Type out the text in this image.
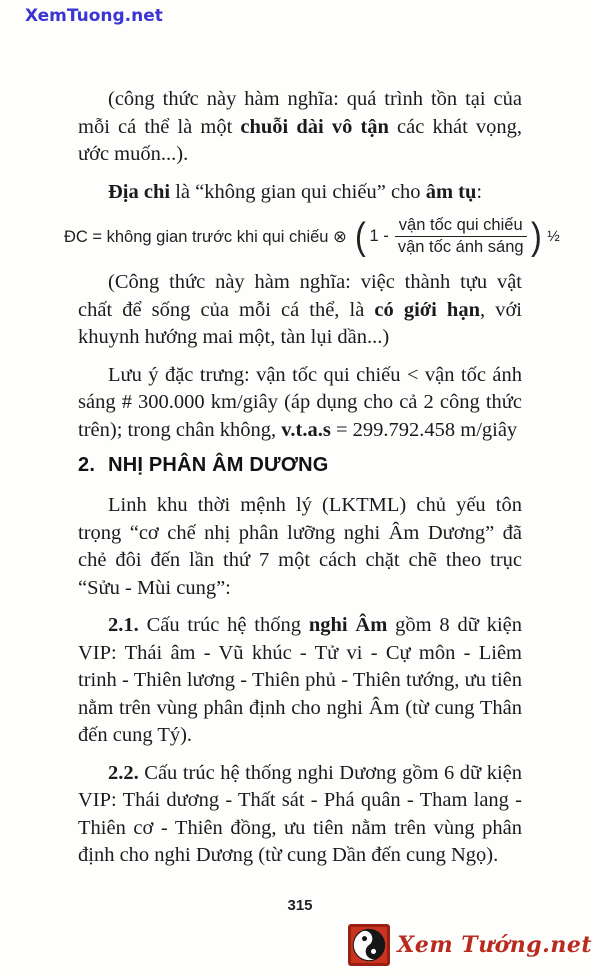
XemTuong.net

(công thức này hàm nghĩa: quá trình tồn tại của mỗi cá thể là một chuỗi dài vô tận các khát vọng, ước muốn...).

Địa chi là “không gian qui chiếu” cho âm tụ:

ĐC = không gian trước khi qui chiếu ⊗ ( $1 - \frac{\text{vận tốc qui chiếu}}{\text{vận tốc ánh sáng}}$ ) ½

(Công thức này hàm nghĩa: việc thành tựu vật chất để sống của mỗi cá thể, là có giới hạn, với khuynh hướng mai một, tàn lụi dần...)

Lưu ý đặc trưng: vận tốc qui chiếu < vận tốc ánh sáng # 300.000 km/giây (áp dụng cho cả 2 công thức trên); trong chân không, v.t.a.s = 299.792.458 m/giây

2. NHỊ PHÂN ÂM DƯƠNG

Linh khu thời mệnh lý (LKTML) chủ yếu tôn trọng “cơ chế nhị phân lưỡng nghi Âm Dương” đã chẻ đôi đến lần thứ 7 một cách chặt chẽ theo trục “Sửu - Mùi cung”:

2.1. Cấu trúc hệ thống nghi Âm gồm 8 dữ kiện VIP: Thái âm - Vũ khúc - Tử vi - Cự môn - Liêm trinh - Thiên lương - Thiên phủ - Thiên tướng, ưu tiên nằm trên vùng phân định cho nghi Âm (từ cung Thân đến cung Tý).

2.2. Cấu trúc hệ thống nghi Dương gồm 6 dữ kiện VIP: Thái dương - Thất sát - Phá quân - Tham lang - Thiên cơ - Thiên đồng, ưu tiên nằm trên vùng phân định cho nghi Dương (từ cung Dần đến cung Ngọ).

315
Xem Tướng.net
